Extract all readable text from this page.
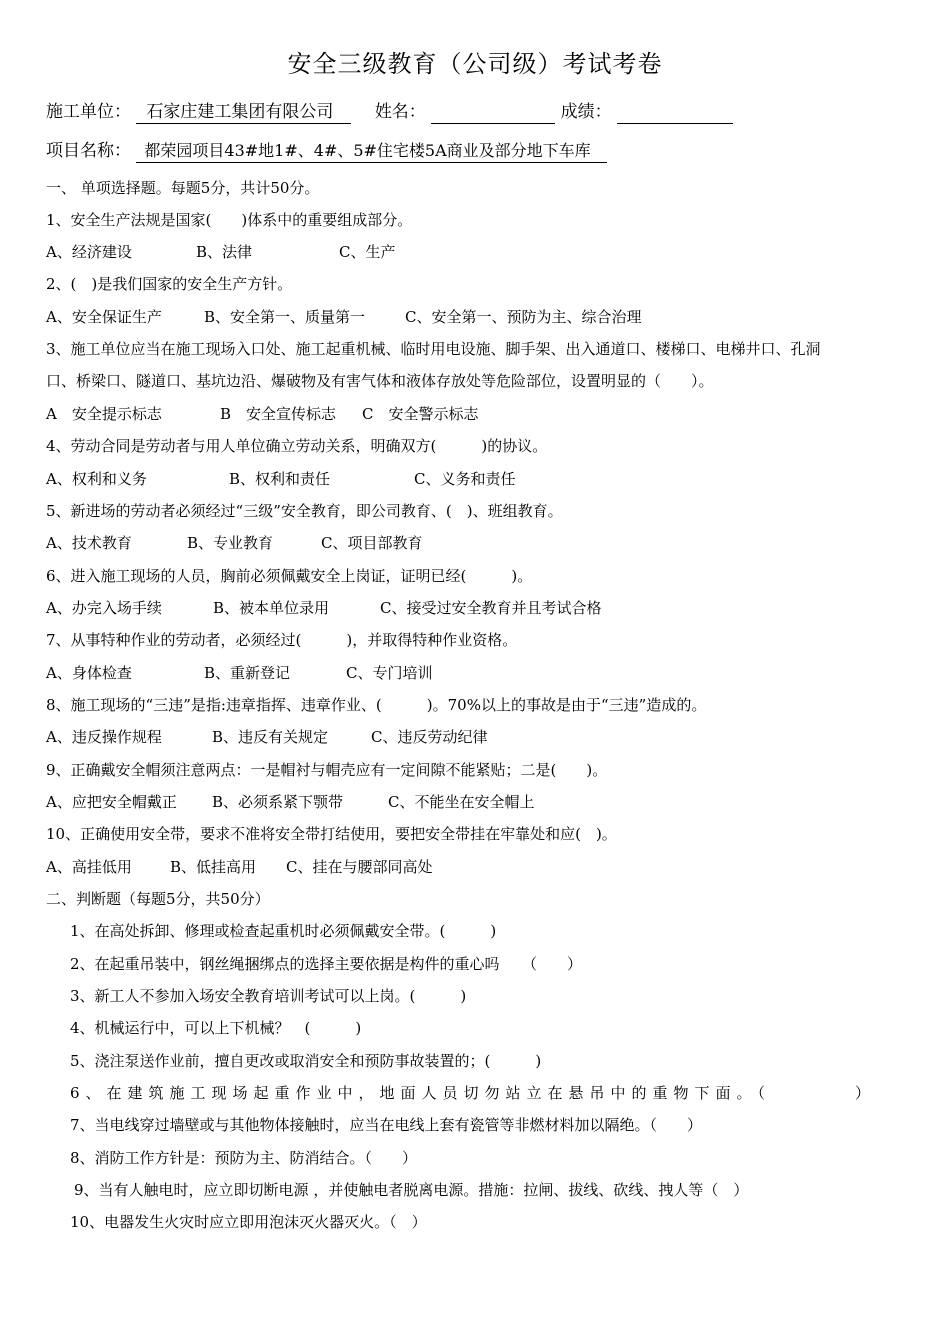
安全三级教育（公司级）考试考卷
施工单位： 石家庄建工集团有限公司 姓名：	成绩：
项目名称： 都荣园项目43#地1#、4#、5#住宅楼5A商业及部分地下车库
一、 单项选择题。每题5分，共计50分。
1、安全生产法规是国家(　　)体系中的重要组成部分。
A、经济建设	B、法律	C、生产
2、(　)是我们国家的安全生产方针。
A、安全保证生产	B、安全第一、质量第一	C、安全第一、预防为主、综合治理
3、施工单位应当在施工现场入口处、施工起重机械、临时用电设施、脚手架、出入通道口、楼梯口、电梯井口、孔洞
口、桥梁口、隧道口、基坑边沿、爆破物及有害气体和液体存放处等危险部位，设置明显的（　　）。
A　安全提示标志	B　安全宣传标志 C　安全警示标志
4、劳动合同是劳动者与用人单位确立劳动关系，明确双方(　　　)的协议。
A、权利和义务	B、权利和责任	C、义务和责任
5、新进场的劳动者必须经过“三级”安全教育，即公司教育、(　)、班组教育。
A、技术教育	B、专业教育	C、项目部教育
6、进入施工现场的人员，胸前必须佩戴安全上岗证，证明已经(　　　)。
A、办完入场手续	B、被本单位录用	C、接受过安全教育并且考试合格
7、从事特种作业的劳动者，必须经过(　　　)，并取得特种作业资格。
A、身体检查	B、重新登记	C、专门培训
8、施工现场的“三违”是指:违章指挥、违章作业、(　　　)。70%以上的事故是由于“三违”造成的。
A、违反操作规程	B、违反有关规定	C、违反劳动纪律
9、正确戴安全帽须注意两点：一是帽衬与帽壳应有一定间隙不能紧贴；二是(　　)。
A、应把安全帽戴正 B、必须系紧下颚带	C、不能坐在安全帽上
10、正确使用安全带，要求不准将安全带打结使用，要把安全带挂在牢靠处和应(　)。
A、高挂低用	B、低挂高用 C、挂在与腰部同高处
二、判断题（每题5分，共50分）
1、在高处拆卸、修理或检查起重机时必须佩戴安全带。(　　　)
2、在起重吊装中，钢丝绳捆绑点的选择主要依据是构件的重心吗　　（　　）
3、新工人不参加入场安全教育培训考试可以上岗。(　　　)
4、机械运行中，可以上下机械？　(　　　)
5、浇注泵送作业前，擅自更改或取消安全和预防事故装置的；(　　　)
6、在建筑施工现场起重作业中，地面人员切勿站立在悬吊中的重物下面。（　　　　）
7、当电线穿过墙壁或与其他物体接触时，应当在电线上套有瓷管等非燃材料加以隔绝。（　　）
8、消防工作方针是：预防为主、防消结合。（　　）
9、当有人触电时，应立即切断电源 ，并使触电者脱离电源。措施：拉闸、拔线、砍线、拽人等（　）
10、电器发生火灾时应立即用泡沫灭火器灭火。（　）
